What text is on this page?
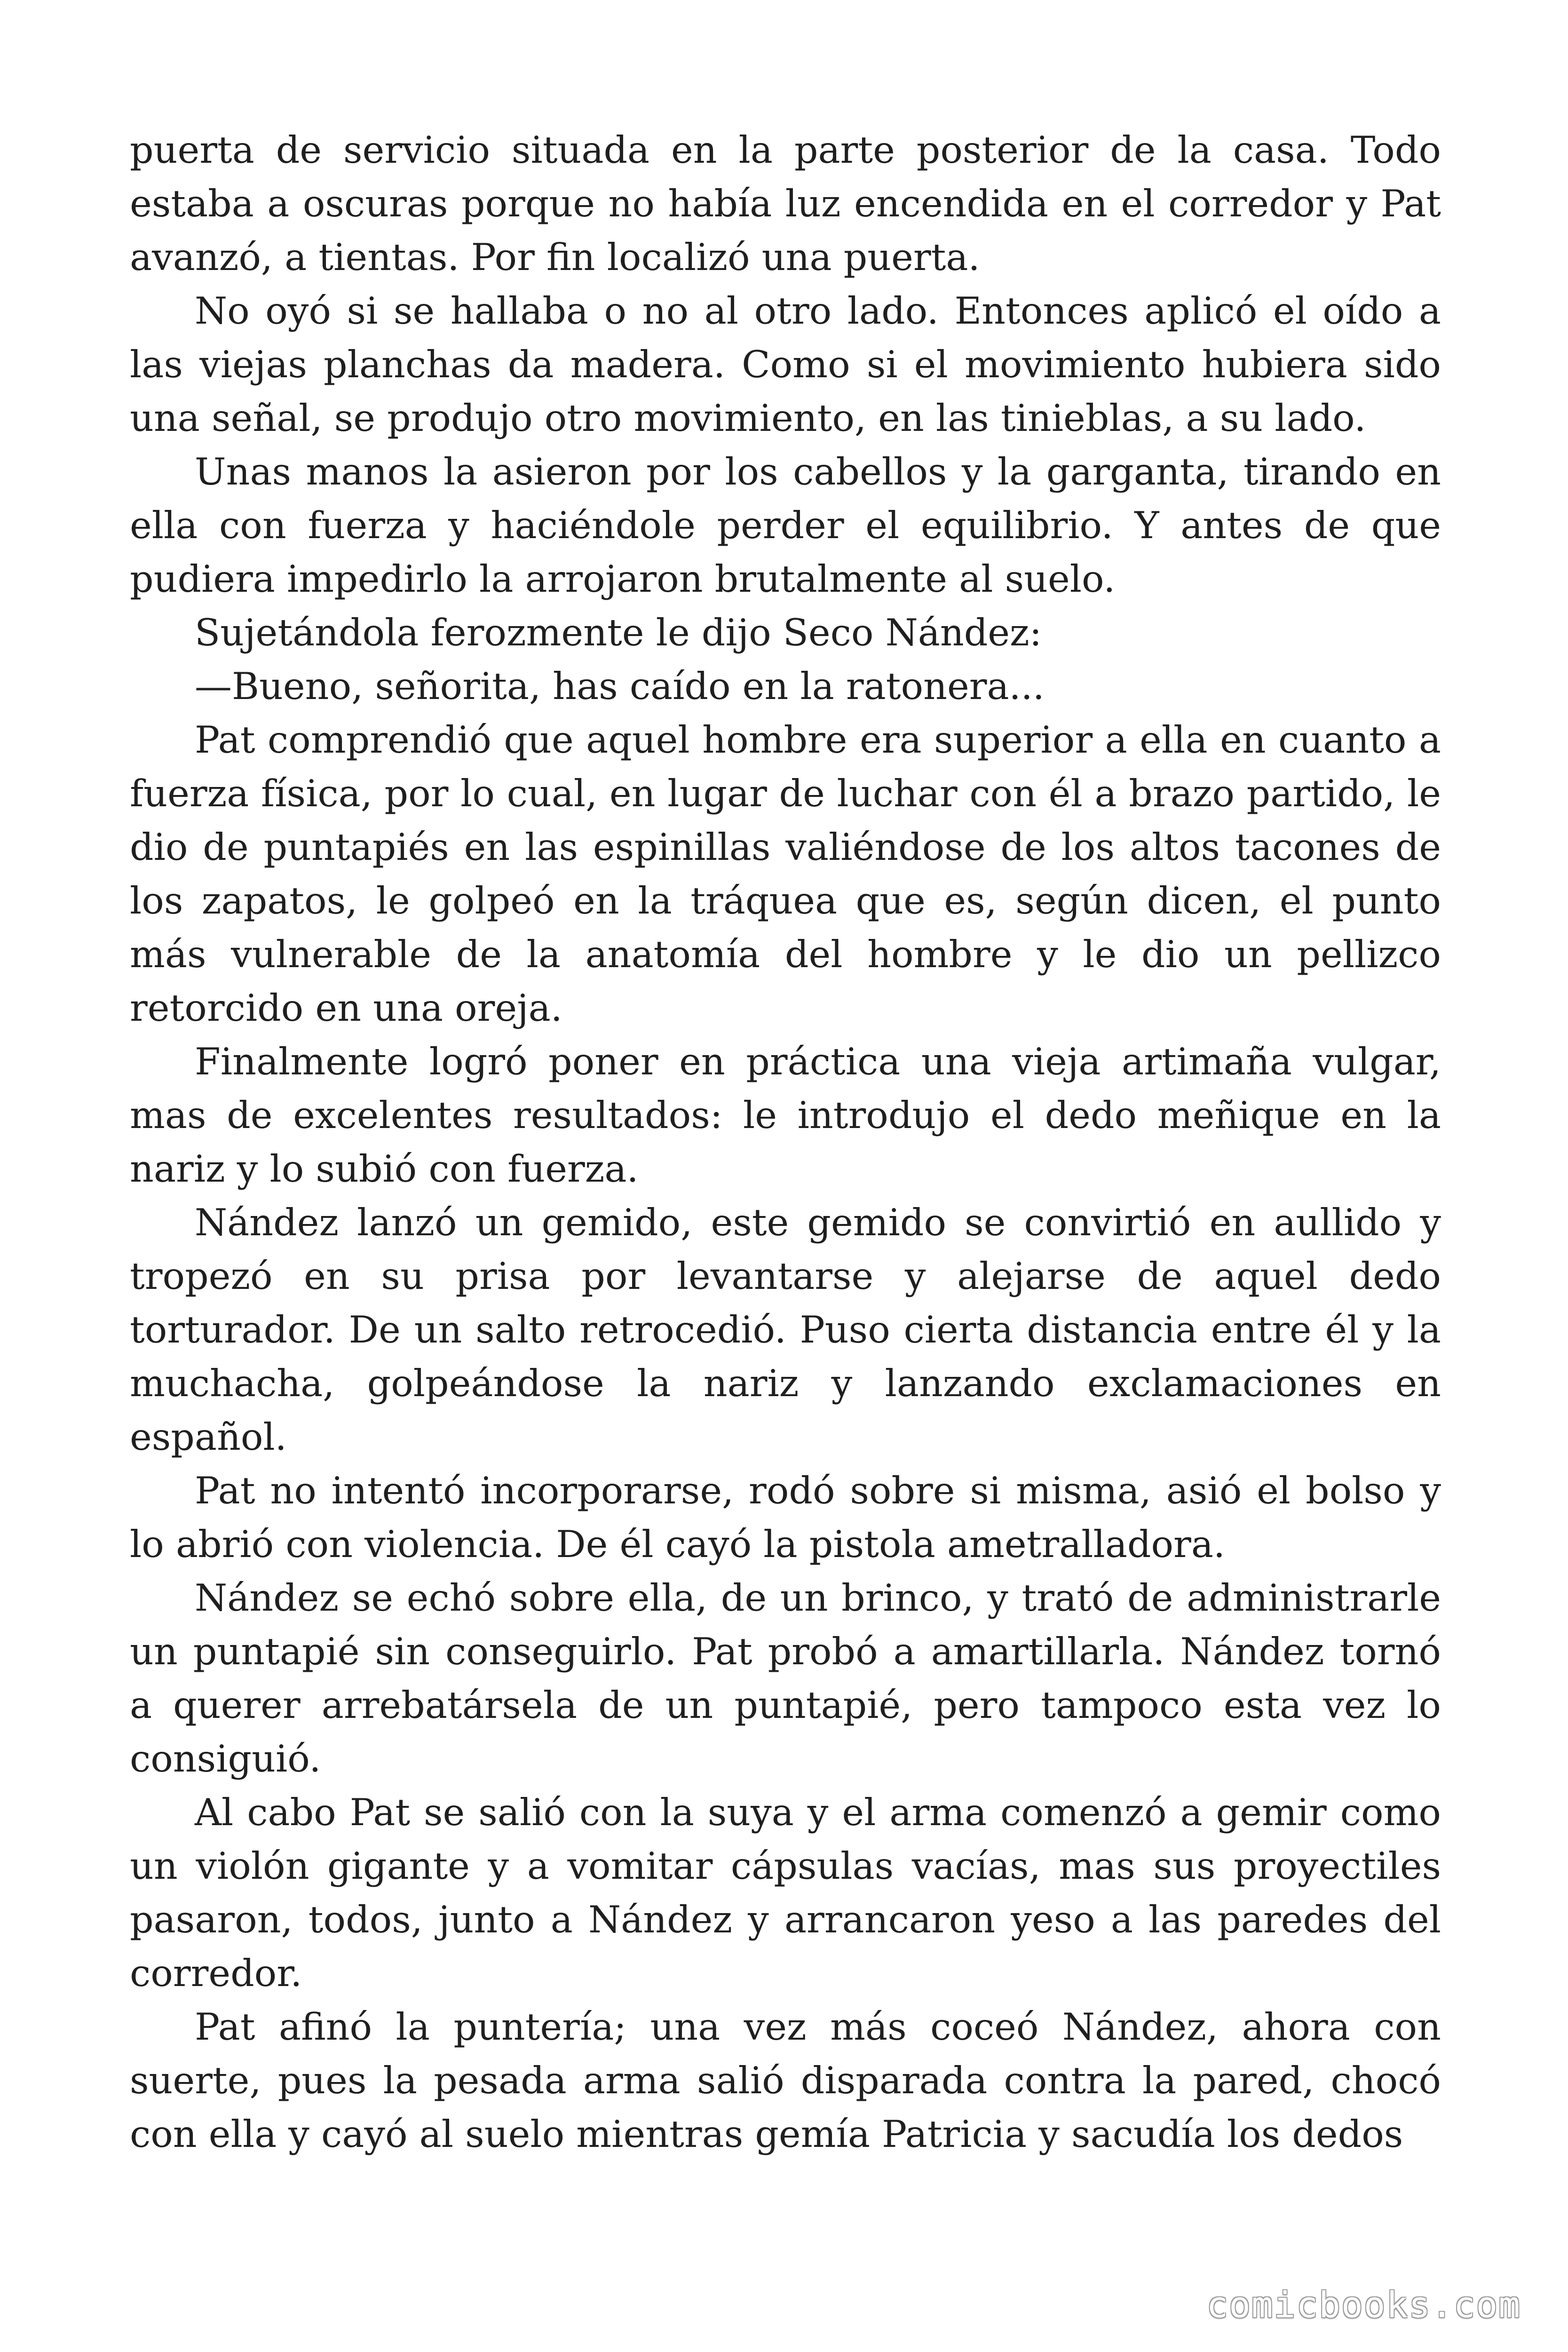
puerta de servicio situada en la parte posterior de la casa. Todo estaba a oscuras porque no había luz encendida en el corredor y Pat avanzó, a tientas. Por fin localizó una puerta.

No oyó si se hallaba o no al otro lado. Entonces aplicó el oído a las viejas planchas da madera. Como si el movimiento hubiera sido una señal, se produjo otro movimiento, en las tinieblas, a su lado.

Unas manos la asieron por los cabellos y la garganta, tirando en ella con fuerza y haciéndole perder el equilibrio. Y antes de que pudiera impedirlo la arrojaron brutalmente al suelo.

Sujetándola ferozmente le dijo Seco Nández:

—Bueno, señorita, has caído en la ratonera...

Pat comprendió que aquel hombre era superior a ella en cuanto a fuerza física, por lo cual, en lugar de luchar con él a brazo partido, le dio de puntapiés en las espinillas valiéndose de los altos tacones de los zapatos, le golpeó en la tráquea que es, según dicen, el punto más vulnerable de la anatomía del hombre y le dio un pellizco retorcido en una oreja.

Finalmente logró poner en práctica una vieja artimaña vulgar, mas de excelentes resultados: le introdujo el dedo meñique en la nariz y lo subió con fuerza.

Nández lanzó un gemido, este gemido se convirtió en aullido y tropezó en su prisa por levantarse y alejarse de aquel dedo torturador. De un salto retrocedió. Puso cierta distancia entre él y la muchacha, golpeándose la nariz y lanzando exclamaciones en español.

Pat no intentó incorporarse, rodó sobre si misma, asió el bolso y lo abrió con violencia. De él cayó la pistola ametralladora.

Nández se echó sobre ella, de un brinco, y trató de administrarle un puntapié sin conseguirlo. Pat probó a amartillarla. Nández tornó a querer arrebatársela de un puntapié, pero tampoco esta vez lo consiguió.

Al cabo Pat se salió con la suya y el arma comenzó a gemir como un violón gigante y a vomitar cápsulas vacías, mas sus proyectiles pasaron, todos, junto a Nández y arrancaron yeso a las paredes del corredor.

Pat afinó la puntería; una vez más coceó Nández, ahora con suerte, pues la pesada arma salió disparada contra la pared, chocó con ella y cayó al suelo mientras gemía Patricia y sacudía los dedos

comicbooks.com
